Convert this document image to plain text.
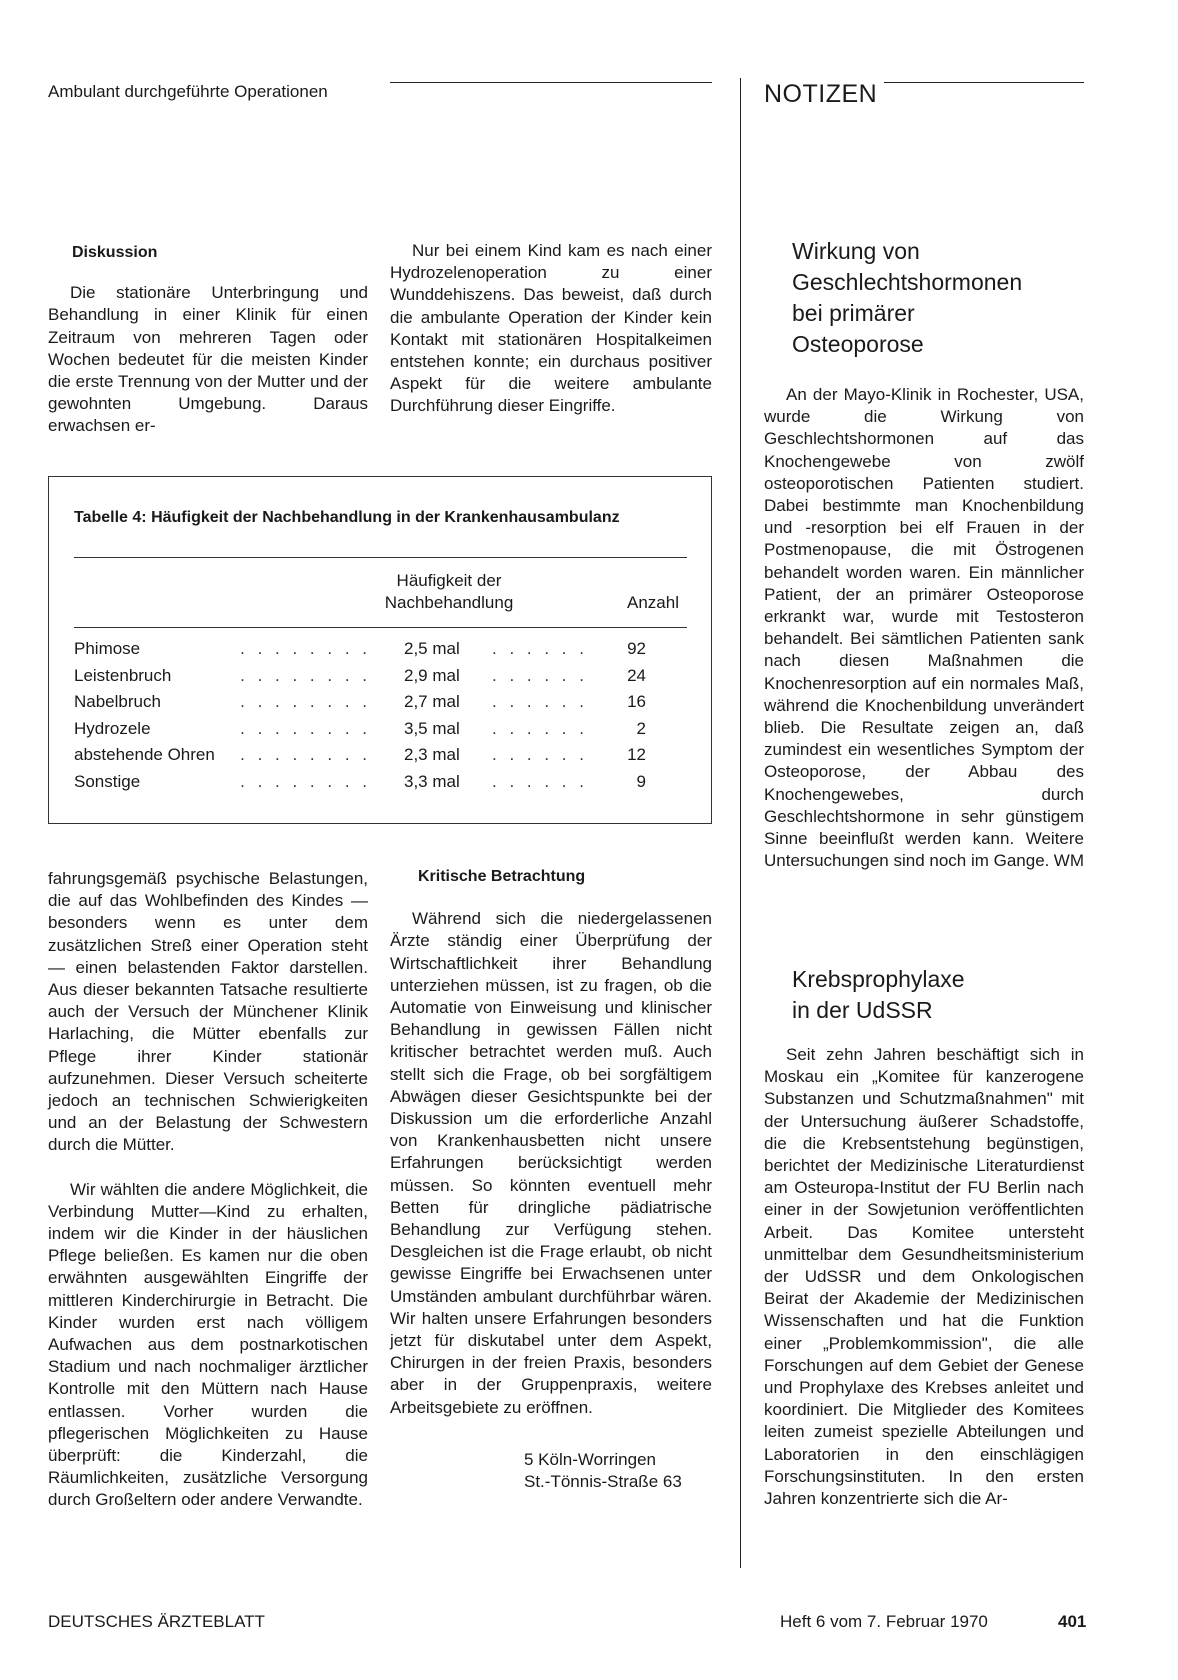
Ambulant durchgeführte Operationen	NOTIZEN
Diskussion

Die stationäre Unterbringung und Behandlung in einer Klinik für einen Zeitraum von mehreren Tagen oder Wochen bedeutet für die meisten Kinder die erste Trennung von der Mutter und der gewohnten Umgebung. Daraus erwachsen er-

Nur bei einem Kind kam es nach einer Hydrozelenoperation zu einer Wunddehiszens. Das beweist, daß durch die ambulante Operation der Kinder kein Kontakt mit stationären Hospitalkeimen entstehen konnte; ein durchaus positiver Aspekt für die weitere ambulante Durchführung dieser Eingriffe.

Tabelle 4: Häufigkeit der Nachbehandlung in der Krankenhausambulanz
Häufigkeit der
Nachbehandlung	Anzahl
Phimose	. . . . . . . . 2,5 mal . . . . . . 92
Leistenbruch	. . . . . . . . 2,9 mal . . . . . . 24
Nabelbruch	. . . . . . . . 2,7 mal . . . . . . 16
Hydrozele	. . . . . . . . 3,5 mal . . . . . .	2
abstehende Ohren . . . . . . . . 2,3 mal . . . . . . 12
Sonstige	. . . . . . . . 3,3 mal . . . . . .	9

fahrungsgemäß psychische Belastungen, die auf das Wohlbefinden des Kindes — besonders wenn es unter dem zusätzlichen Streß einer Operation steht — einen belastenden Faktor darstellen. Aus dieser bekannten Tatsache resultierte auch der Versuch der Münchener Klinik Harlaching, die Mütter ebenfalls zur Pflege ihrer Kinder stationär aufzunehmen. Dieser Versuch scheiterte jedoch an technischen Schwierigkeiten und an der Belastung der Schwestern durch die Mütter.

Wir wählten die andere Möglichkeit, die Verbindung Mutter—Kind zu erhalten, indem wir die Kinder in der häuslichen Pflege beließen. Es kamen nur die oben erwähnten ausgewählten Eingriffe der mittleren Kinderchirurgie in Betracht. Die Kinder wurden erst nach völligem Aufwachen aus dem postnarkotischen Stadium und nach nochmaliger ärztlicher Kontrolle mit den Müttern nach Hause entlassen. Vorher wurden die pflegerischen Möglichkeiten zu Hause überprüft: die Kinderzahl, die Räumlichkeiten, zusätzliche Versorgung durch Großeltern oder andere Verwandte.

Kritische Betrachtung

Während sich die niedergelassenen Ärzte ständig einer Überprüfung der Wirtschaftlichkeit ihrer Behandlung unterziehen müssen, ist zu fragen, ob die Automatie von Einweisung und klinischer Behandlung in gewissen Fällen nicht kritischer betrachtet werden muß. Auch stellt sich die Frage, ob bei sorgfältigem Abwägen dieser Gesichtspunkte bei der Diskussion um die erforderliche Anzahl von Krankenhausbetten nicht unsere Erfahrungen berücksichtigt werden müssen. So könnten eventuell mehr Betten für dringliche pädiatrische Behandlung zur Verfügung stehen. Desgleichen ist die Frage erlaubt, ob nicht gewisse Eingriffe bei Erwachsenen unter Umständen ambulant durchführbar wären. Wir halten unsere Erfahrungen besonders jetzt für diskutabel unter dem Aspekt, Chirurgen in der freien Praxis, besonders aber in der Gruppenpraxis, weitere Arbeitsgebiete zu eröffnen.

5 Köln-Worringen
St.-Tönnis-Straße 63
Wirkung von
Geschlechtshormonen
bei primärer
Osteoporose

An der Mayo-Klinik in Rochester, USA, wurde die Wirkung von Geschlechtshormonen auf das Knochengewebe von zwölf osteoporotischen Patienten studiert. Dabei bestimmte man Knochenbildung und -resorption bei elf Frauen in der Postmenopause, die mit Östrogenen behandelt worden waren. Ein männlicher Patient, der an primärer Osteoporose erkrankt war, wurde mit Testosteron behandelt. Bei sämtlichen Patienten sank nach diesen Maßnahmen die Knochenresorption auf ein normales Maß, während die Knochenbildung unverändert blieb. Die Resultate zeigen an, daß zumindest ein wesentliches Symptom der Osteoporose, der Abbau des Knochengewebes, durch Geschlechtshormone in sehr günstigem Sinne beeinflußt werden kann. Weitere Untersuchungen sind noch im Gange. WM
Krebsprophylaxe
in der UdSSR

Seit zehn Jahren beschäftigt sich in Moskau ein „Komitee für kanzerogene Substanzen und Schutzmaßnahmen" mit der Untersuchung äußerer Schadstoffe, die die Krebsentstehung begünstigen, berichtet der Medizinische Literaturdienst am Osteuropa-Institut der FU Berlin nach einer in der Sowjetunion veröffentlichten Arbeit. Das Komitee untersteht unmittelbar dem Gesundheitsministerium der UdSSR und dem Onkologischen Beirat der Akademie der Medizinischen Wissenschaften und hat die Funktion einer „Problemkommission", die alle Forschungen auf dem Gebiet der Genese und Prophylaxe des Krebses anleitet und koordiniert. Die Mitglieder des Komitees leiten zumeist spezielle Abteilungen und Laboratorien in den einschlägigen Forschungsinstituten. In den ersten Jahren konzentrierte sich die Ar-

DEUTSCHES ÄRZTEBLATT	Heft 6 vom 7. Februar 1970	401
